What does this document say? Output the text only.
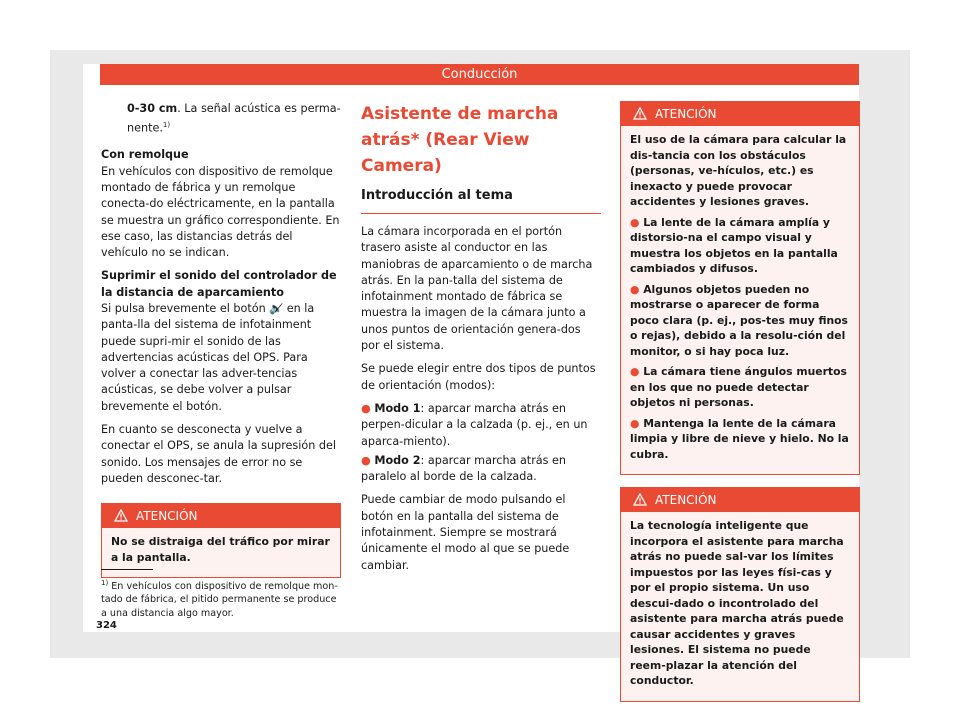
Conducción

0-30 cm. La señal acústica es perma-nente.$^{1)}$

Con remolque

En vehículos con dispositivo de remolque montado de fábrica y un remolque conecta-do eléctricamente, en la pantalla se muestra un gráfico correspondiente. En ese caso, las distancias detrás del vehículo no se indican.

Suprimir el sonido del controlador de la distancia de aparcamiento

Si pulsa brevemente el botón 🔈̸ en la panta-lla del sistema de infotainment puede supri-mir el sonido de las advertencias acústicas del OPS. Para volver a conectar las adver-tencias acústicas, se debe volver a pulsar brevemente el botón.

En cuanto se desconecta y vuelve a conectar el OPS, se anula la supresión del sonido. Los mensajes de error no se pueden desconec-tar.

ATENCIÓN

No se distraiga del tráfico por mirar a la pantalla.

Asistente de marcha atrás* (Rear View Camera)
Introducción al tema

La cámara incorporada en el portón trasero asiste al conductor en las maniobras de aparcamiento o de marcha atrás. En la pan-talla del sistema de infotainment montado de fábrica se muestra la imagen de la cámara junto a unos puntos de orientación genera-dos por el sistema.

Se puede elegir entre dos tipos de puntos de orientación (modos):

● Modo 1: aparcar marcha atrás en perpen-dicular a la calzada (p. ej., en un aparca-miento).

● Modo 2: aparcar marcha atrás en paralelo al borde de la calzada.

Puede cambiar de modo pulsando el botón en la pantalla del sistema de infotainment. Siempre se mostrará únicamente el modo al que se puede cambiar.

ATENCIÓN

El uso de la cámara para calcular la dis-tancia con los obstáculos (personas, ve-hículos, etc.) es inexacto y puede provocar accidentes y lesiones graves.

● La lente de la cámara amplía y distorsio-na el campo visual y muestra los objetos en la pantalla cambiados y difusos.

● Algunos objetos pueden no mostrarse o aparecer de forma poco clara (p. ej., pos-tes muy finos o rejas), debido a la resolu-ción del monitor, o si hay poca luz.

● La cámara tiene ángulos muertos en los que no puede detectar objetos ni personas.

● Mantenga la lente de la cámara limpia y libre de nieve y hielo. No la cubra.

ATENCIÓN

La tecnología inteligente que incorpora el asistente para marcha atrás no puede sal-var los límites impuestos por las leyes físi-cas y por el propio sistema. Un uso descui-dado o incontrolado del asistente para marcha atrás puede causar accidentes y graves lesiones. El sistema no puede reem-plazar la atención del conductor.

$^{1)}$ En vehículos con dispositivo de remolque mon-tado de fábrica, el pitido permanente se produce a una distancia algo mayor.
324
